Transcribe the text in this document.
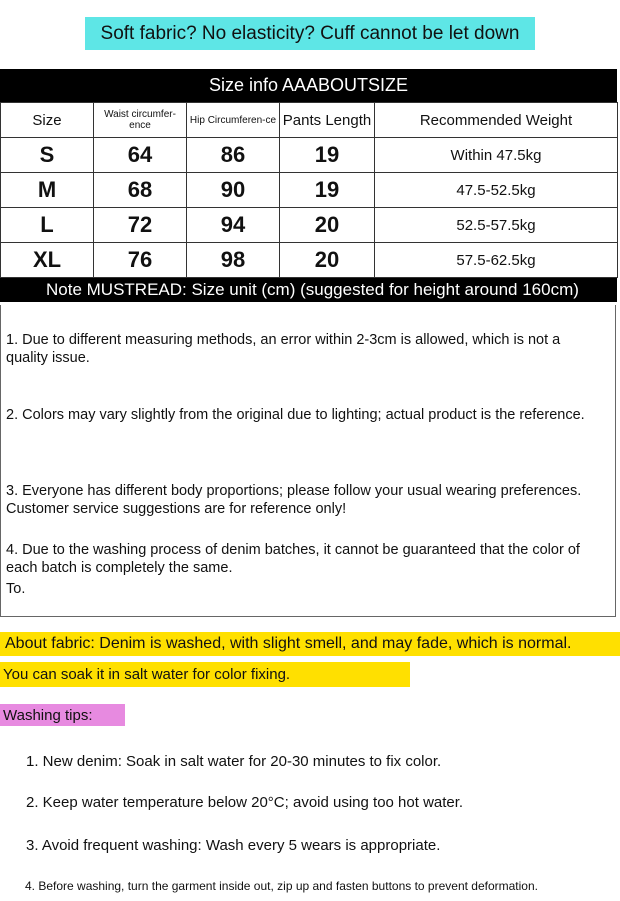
Soft fabric? No elasticity? Cuff cannot be let down
Size info AAABOUTSIZE
Size	Waist circumfer-ence	Hip Circumferen-ce	Pants Length	Recommended Weight
S	64	86	19	Within 47.5kg
M	68	90	19	47.5-52.5kg
L	72	94	20	52.5-57.5kg
XL	76	98	20	57.5-62.5kg
Note MUSTREAD: Size unit (cm) (suggested for height around 160cm)
1. Due to different measuring methods, an error within 2-3cm is allowed, which is not a quality issue.
2. Colors may vary slightly from the original due to lighting; actual product is the reference.
3. Everyone has different body proportions; please follow your usual wearing preferences. Customer service suggestions are for reference only!
4. Due to the washing process of denim batches, it cannot be guaranteed that the color of each batch is completely the same.
To.
About fabric: Denim is washed, with slight smell, and may fade, which is normal.
You can soak it in salt water for color fixing.
Washing tips:
1. New denim: Soak in salt water for 20-30 minutes to fix color.
2. Keep water temperature below 20°C; avoid using too hot water.
3. Avoid frequent washing: Wash every 5 wears is appropriate.
4. Before washing, turn the garment inside out, zip up and fasten buttons to prevent deformation.
